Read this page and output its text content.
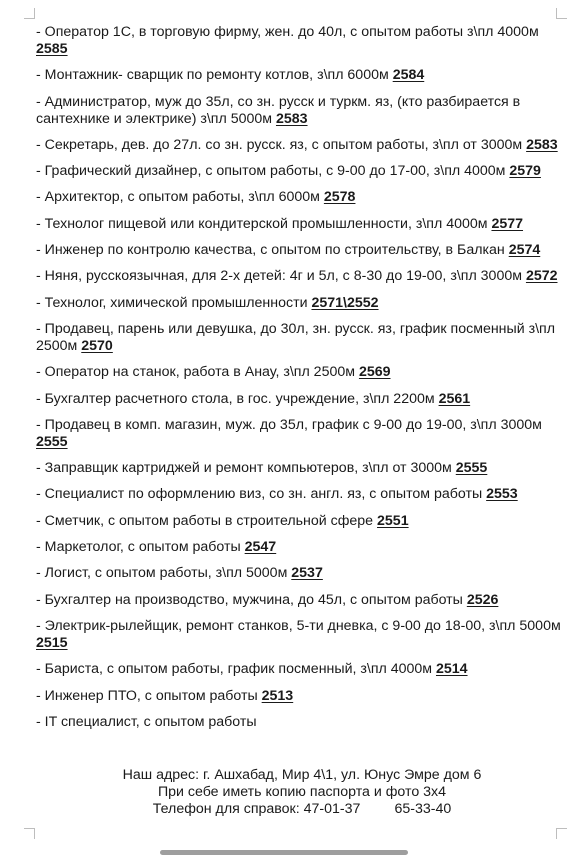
- Оператор 1С, в торговую фирму, жен. до 40л, с опытом работы з\пл 4000м 2585
- Монтажник- сварщик по ремонту котлов, з\пл 6000м 2584
- Администратор, муж до 35л, со зн. русск и туркм. яз, (кто разбирается в сантехнике и электрике) з\пл 5000м 2583
- Секретарь, дев. до 27л. со зн. русск. яз, с опытом работы, з\пл от 3000м 2583
- Графический дизайнер, с опытом работы, с 9-00 до 17-00, з\пл 4000м 2579
- Архитектор, с опытом работы, з\пл 6000м 2578
- Технолог пищевой или кондитерской промышленности, з\пл 4000м 2577
- Инженер по контролю качества, с опытом по строительству, в Балкан 2574
- Няня, русскоязычная, для 2-х детей: 4г и 5л, с 8-30 до 19-00, з\пл 3000м 2572
- Технолог, химической промышленности 2571\2552
- Продавец, парень или девушка, до 30л, зн. русск. яз, график посменный з\пл 2500м 2570
- Оператор на станок, работа в Анау, з\пл 2500м 2569
- Бухгалтер расчетного стола, в гос. учреждение, з\пл 2200м 2561
- Продавец в комп. магазин, муж. до 35л, график с 9-00 до 19-00, з\пл 3000м 2555
- Заправщик картриджей и ремонт компьютеров, з\пл от 3000м 2555
- Специалист по оформлению виз, со зн. англ. яз, с опытом работы 2553
- Сметчик, с опытом работы в строительной сфере 2551
- Маркетолог, с опытом работы 2547
- Логист, с опытом работы, з\пл 5000м 2537
- Бухгалтер на производство, мужчина, до 45л, с опытом работы 2526
- Электрик-рылейщик, ремонт станков, 5-ти дневка, с 9-00 до 18-00, з\пл 5000м 2515
- Бариста, с опытом работы, график посменный, з\пл 4000м 2514
- Инженер ПТО, с опытом работы 2513
- IT специалист, с опытом работы

Наш адрес: г. Ашхабад, Мир 4\1, ул. Юнус Эмре дом 6

При себе иметь копию паспорта и фото 3х4

Телефон для справок: 47-01-37 65-33-40
